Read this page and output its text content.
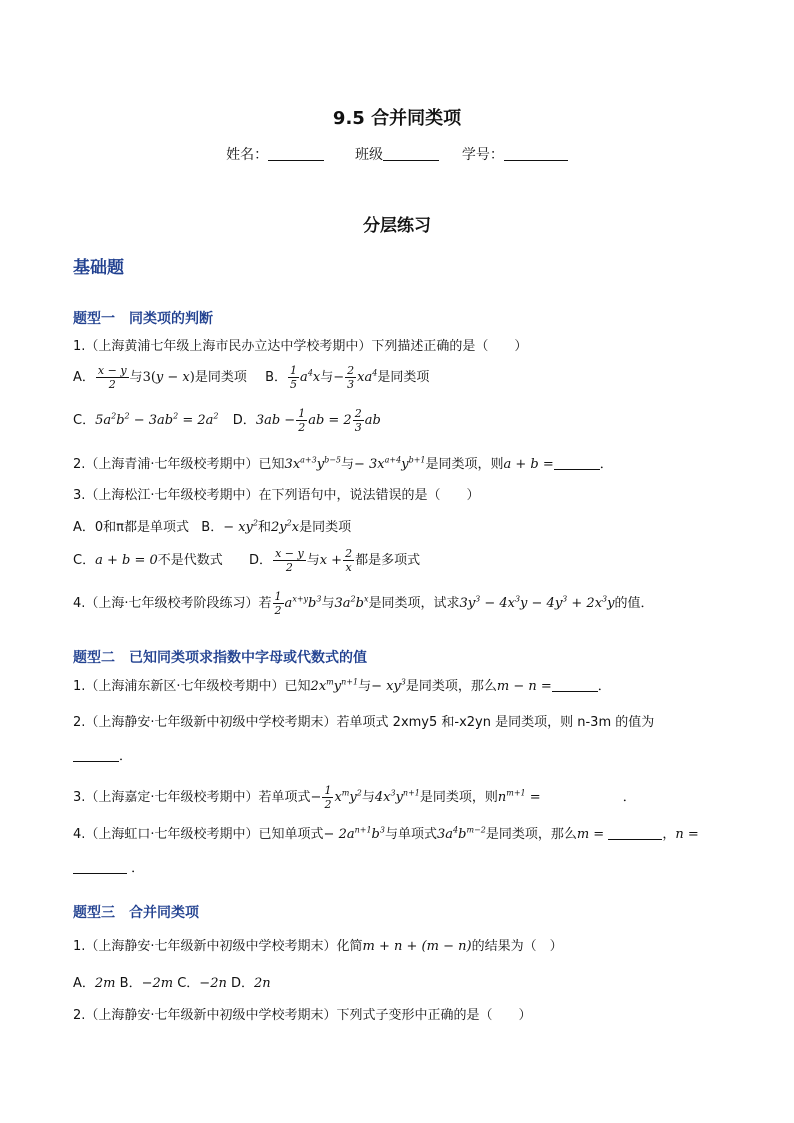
9.5 合并同类项
姓名：	班级	学号：
分层练习
基础题
题型一　同类项的判断
1.（上海黄浦七年级上海市民办立达中学校考期中）下列描述正确的是（　　）
A． $\frac{x - y}{2}$ 与3(y − x)是同类项 B． $\frac{1}{5} a^4x$与− $\frac{2}{3} xa^4$是同类项
C．$5a^2b^2 - 3ab^2 = 2a^2$ D．$3ab - \frac{1}{2}$ ab = $2 \frac{2}{3}$ ab
2.（上海青浦·七年级校考期中）已知$3x^{a+3}y^{b-5}$与− $3x^{a+4}y^{b+1}$是同类项，则a + b =	．
3.（上海松江·七年级校考期中）在下列语句中，说法错误的是（　　）
A．0和π都是单项式 B．− $xy^2$和$2y^2x$是同类项
C．a + b = 0不是代数式 D． $\frac{x - y}{2}$ 与$x + \frac{2}{x}$ 都是多项式
4.（上海·七年级校考阶段练习）若 $\frac{1}{2} a^{x+y}b^3$与$3a^2b^x$是同类项，试求$3y^3 - 4x^3y - 4y^3 + 2x^3y$的值．
题型二　已知同类项求指数中字母或代数式的值
1.（上海浦东新区·七年级校考期中）已知$2x^my^{n+1}$与− $xy^3$是同类项，那么m − n =	．
2.（上海静安·七年级新中初级中学校考期末）若单项式 2xmy5 和-x2yn 是同类项，则 n-3m 的值为
．
3.（上海嘉定·七年级校考期中）若单项式− $\frac{1}{2} x^my^2$与$4x^3y^{n+1}$是同类项，则$n^{m+1}$ =	．
4.（上海虹口·七年级校考期中）已知单项式− $2a^{n+1}b^3$与单项式$3a^4b^{m-2}$是同类项，那么m =	，n =
．
题型三　合并同类项
1.（上海静安·七年级新中初级中学校考期末）化简m + n + (m − n)的结果为（　）
A．2m B．−2m C．−2n D．2n
2.（上海静安·七年级新中初级中学校考期末）下列式子变形中正确的是（　　）
